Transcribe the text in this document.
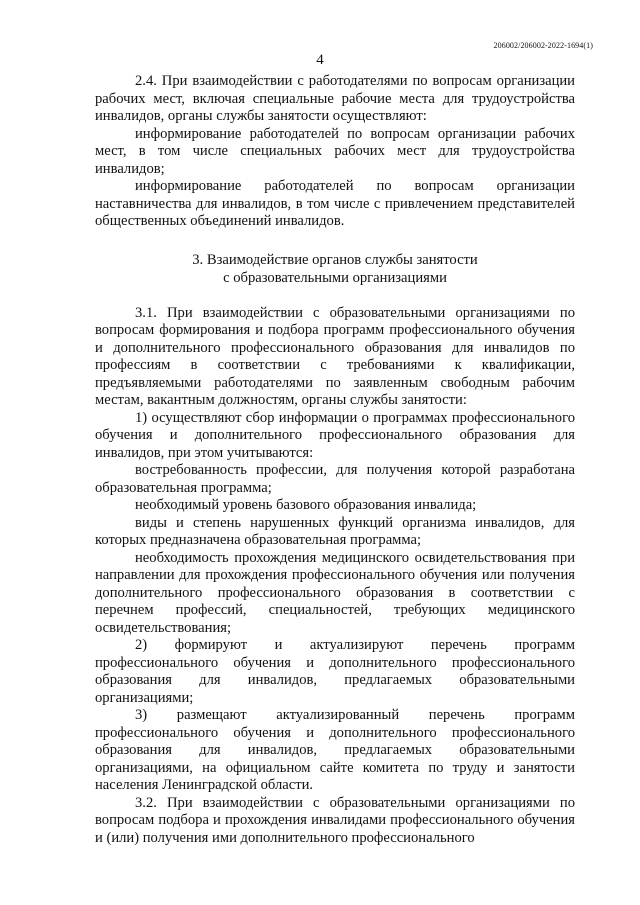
206002/206002-2022-1694(1)
4

2.4. При взаимодействии с работодателями по вопросам организации рабочих мест, включая специальные рабочие места для трудоустройства инвалидов, органы службы занятости осуществляют:

информирование работодателей по вопросам организации рабочих мест, в том числе специальных рабочих мест для трудоустройства инвалидов;

информирование работодателей по вопросам организации наставничества для инвалидов, в том числе с привлечением представителей общественных объединений инвалидов.

3. Взаимодействие органов службы занятости
с образовательными организациями

3.1. При взаимодействии с образовательными организациями по вопросам формирования и подбора программ профессионального обучения и дополнительного профессионального образования для инвалидов по профессиям в соответствии с требованиями к квалификации, предъявляемыми работодателями по заявленным свободным рабочим местам, вакантным должностям, органы службы занятости:

1) осуществляют сбор информации о программах профессионального обучения и дополнительного профессионального образования для инвалидов, при этом учитываются:

востребованность профессии, для получения которой разработана образовательная программа;

необходимый уровень базового образования инвалида;

виды и степень нарушенных функций организма инвалидов, для которых предназначена образовательная программа;

необходимость прохождения медицинского освидетельствования при направлении для прохождения профессионального обучения или получения дополнительного профессионального образования в соответствии с перечнем профессий, специальностей, требующих медицинского освидетельствования;

2) формируют и актуализируют перечень программ профессионального обучения и дополнительного профессионального образования для инвалидов, предлагаемых образовательными организациями;

3) размещают актуализированный перечень программ профессионального обучения и дополнительного профессионального образования для инвалидов, предлагаемых образовательными организациями, на официальном сайте комитета по труду и занятости населения Ленинградской области.

3.2. При взаимодействии с образовательными организациями по вопросам подбора и прохождения инвалидами профессионального обучения и (или) получения ими дополнительного профессионального
